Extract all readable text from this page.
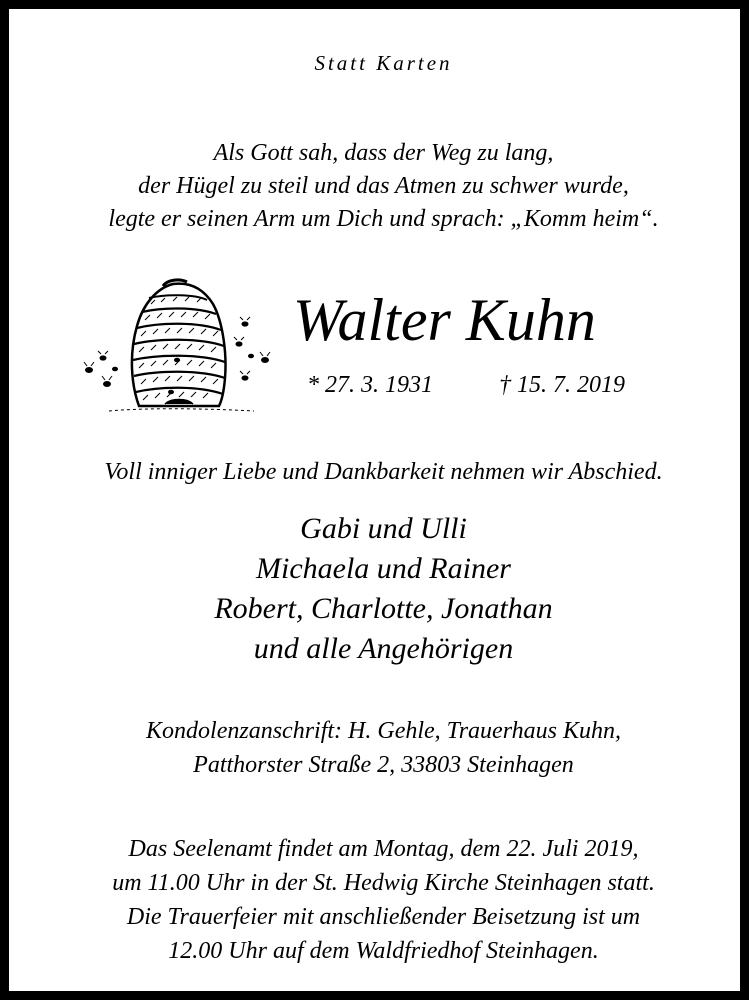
Statt Karten
Als Gott sah, dass der Weg zu lang,
der Hügel zu steil und das Atmen zu schwer wurde,
legte er seinen Arm um Dich und sprach: „Komm heim“.
Walter Kuhn
* 27. 3. 1931	† 15. 7. 2019
Voll inniger Liebe und Dankbarkeit nehmen wir Abschied.
Gabi und Ulli
Michaela und Rainer
Robert, Charlotte, Jonathan
und alle Angehörigen
Kondolenzanschrift: H. Gehle, Trauerhaus Kuhn,
Patthorster Straße 2, 33803 Steinhagen
Das Seelenamt findet am Montag, dem 22. Juli 2019,
um 11.00 Uhr in der St. Hedwig Kirche Steinhagen statt.
Die Trauerfeier mit anschließender Beisetzung ist um
12.00 Uhr auf dem Waldfriedhof Steinhagen.
